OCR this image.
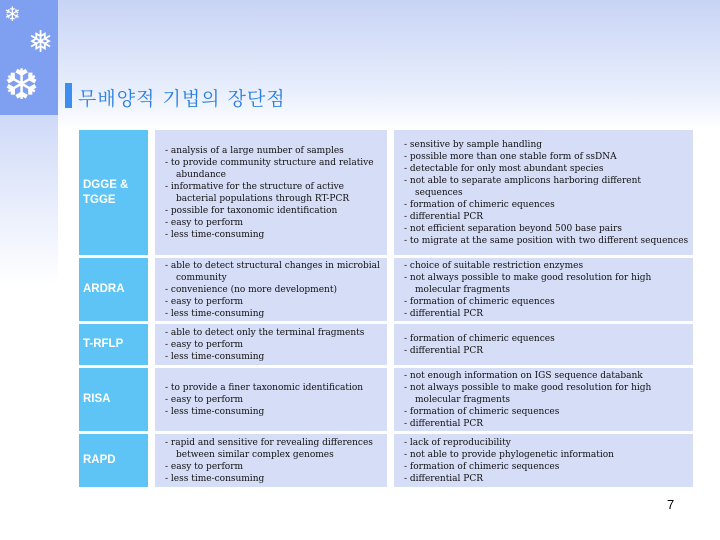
❄
❅
❆ 무배양적 기법의 장단점
DGGE & TGGE
- analysis of a large number of samples
- to provide community structure and relative abundance
- informative for the structure of active bacterial populations through RT-PCR
- possible for taxonomic identification
- easy to perform
- less time-consuming
- sensitive by sample handling
- possible more than one stable form of ssDNA
- detectable for only most abundant species
- not able to separate amplicons harboring different sequences
- formation of chimeric equences
- differential PCR
- not efficient separation beyond 500 base pairs
- to migrate at the same position with two different sequences
ARDRA
- able to detect structural changes in microbial community
- convenience (no more development)
- easy to perform
- less time-consuming
- choice of suitable restriction enzymes
- not always possible to make good resolution for high molecular fragments
- formation of chimeric equences
- differential PCR
T-RFLP
- able to detect only the terminal fragments
- easy to perform
- less time-consuming
- formation of chimeric equences
- differential PCR
RISA
- to provide a finer taxonomic identification
- easy to perform
- less time-consuming
- not enough information on IGS sequence databank
- not always possible to make good resolution for high molecular fragments
- formation of chimeric sequences
- differential PCR
RAPD
- rapid and sensitive for revealing differences between similar complex genomes
- easy to perform
- less time-consuming
- lack of reproducibility
- not able to provide phylogenetic information
- formation of chimeric sequences
- differential PCR
7
